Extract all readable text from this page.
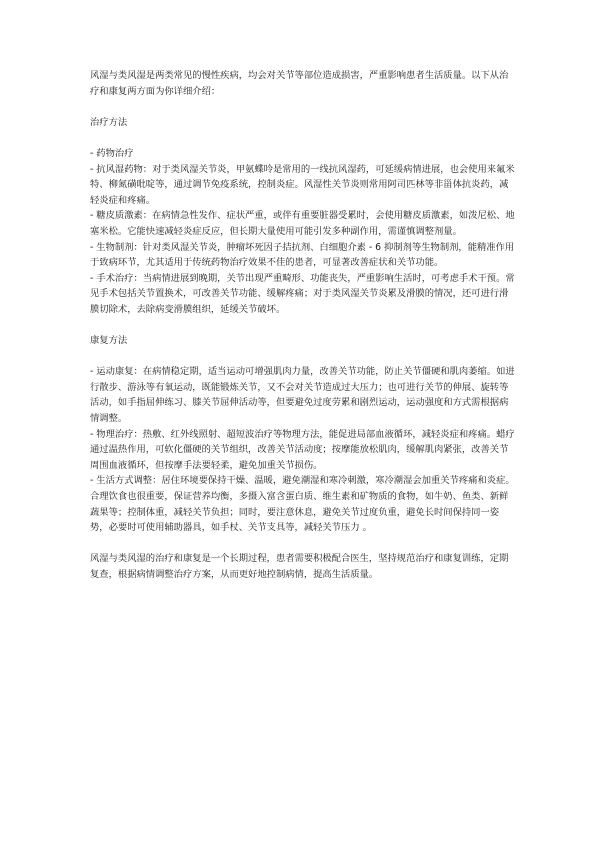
风湿与类风湿是两类常见的慢性疾病，均会对关节等部位造成损害，严重影响患者生活质量。以下从治疗和康复两方面为你详细介绍：

治疗方法

- 药物治疗

- 抗风湿药物：对于类风湿关节炎，甲氨蝶呤是常用的一线抗风湿药，可延缓病情进展，也会使用来氟米特、柳氮磺吡啶等，通过调节免疫系统，控制炎症。风湿性关节炎则常用阿司匹林等非甾体抗炎药，减轻炎症和疼痛。

- 糖皮质激素：在病情急性发作、症状严重，或伴有重要脏器受累时，会使用糖皮质激素，如泼尼松、地塞米松。它能快速减轻炎症反应，但长期大量使用可能引发多种副作用，需谨慎调整剂量。

- 生物制剂：针对类风湿关节炎，肿瘤坏死因子拮抗剂、白细胞介素 - 6 抑制剂等生物制剂，能精准作用于致病环节，尤其适用于传统药物治疗效果不佳的患者，可显著改善症状和关节功能。

- 手术治疗：当病情进展到晚期，关节出现严重畸形、功能丧失，严重影响生活时，可考虑手术干预。常见手术包括关节置换术，可改善关节功能、缓解疼痛；对于类风湿关节炎累及滑膜的情况，还可进行滑膜切除术，去除病变滑膜组织，延缓关节破坏。

康复方法

- 运动康复：在病情稳定期，适当运动可增强肌肉力量，改善关节功能，防止关节僵硬和肌肉萎缩。如进行散步、游泳等有氧运动，既能锻炼关节，又不会对关节造成过大压力；也可进行关节的伸展、旋转等活动，如手指屈伸练习、膝关节屈伸活动等，但要避免过度劳累和剧烈运动，运动强度和方式需根据病情调整。

- 物理治疗：热敷、红外线照射、超短波治疗等物理方法，能促进局部血液循环，减轻炎症和疼痛。蜡疗通过温热作用，可软化僵硬的关节组织，改善关节活动度；按摩能放松肌肉，缓解肌肉紧张，改善关节周围血液循环，但按摩手法要轻柔，避免加重关节损伤。

- 生活方式调整：居住环境要保持干燥、温暖，避免潮湿和寒冷刺激，寒冷潮湿会加重关节疼痛和炎症。合理饮食也很重要，保证营养均衡，多摄入富含蛋白质、维生素和矿物质的食物，如牛奶、鱼类、新鲜蔬果等；控制体重，减轻关节负担；同时，要注意休息，避免关节过度负重，避免长时间保持同一姿势，必要时可使用辅助器具，如手杖、关节支具等，减轻关节压力 。

风湿与类风湿的治疗和康复是一个长期过程，患者需要积极配合医生，坚持规范治疗和康复训练，定期复查，根据病情调整治疗方案，从而更好地控制病情，提高生活质量。
